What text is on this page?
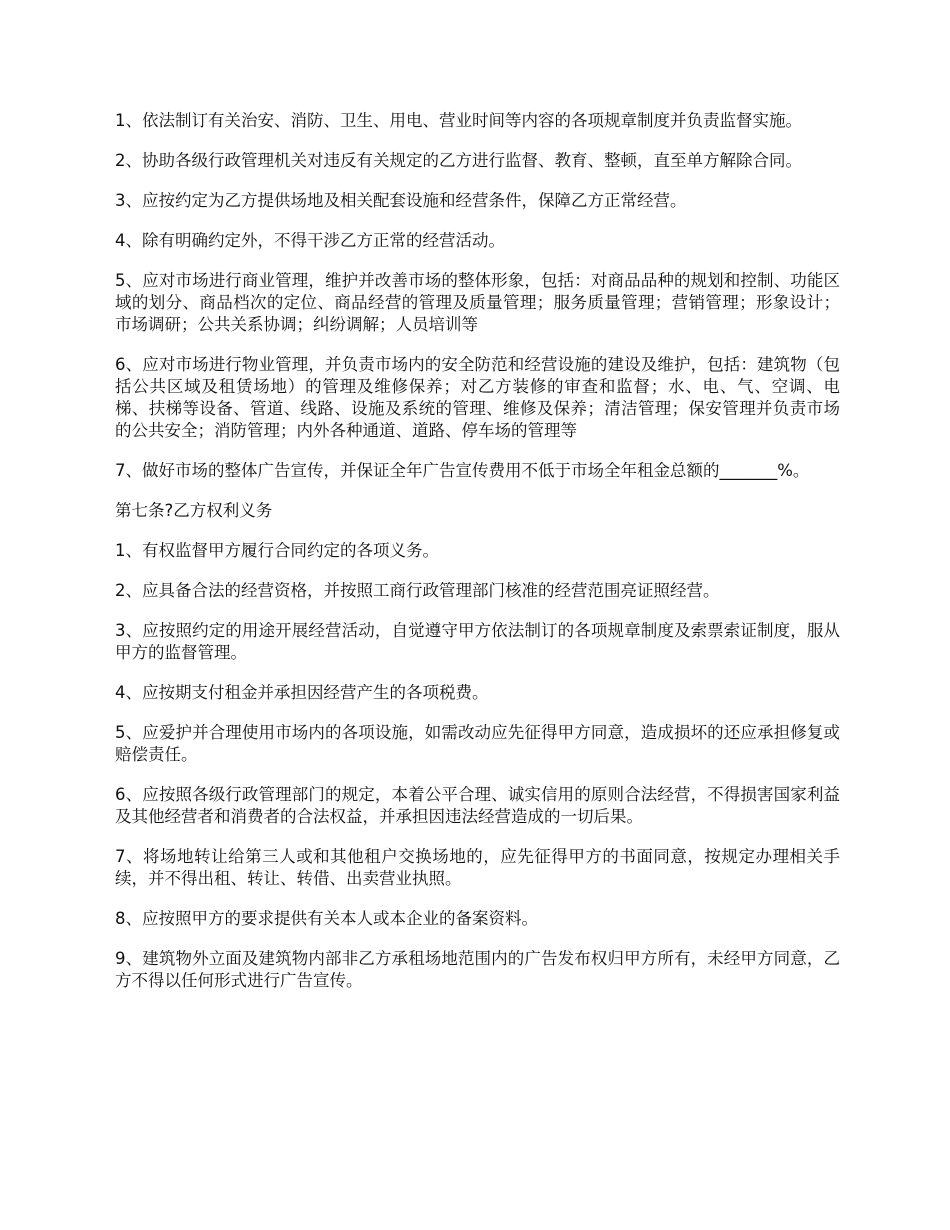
1、依法制订有关治安、消防、卫生、用电、营业时间等内容的各项规章制度并负责监督实施。

2、协助各级行政管理机关对违反有关规定的乙方进行监督、教育、整顿，直至单方解除合同。

3、应按约定为乙方提供场地及相关配套设施和经营条件，保障乙方正常经营。

4、除有明确约定外，不得干涉乙方正常的经营活动。

5、应对市场进行商业管理，维护并改善市场的整体形象，包括：对商品品种的规划和控制、功能区域的划分、商品档次的定位、商品经营的管理及质量管理；服务质量管理；营销管理；形象设计；市场调研；公共关系协调；纠纷调解；人员培训等

6、应对市场进行物业管理，并负责市场内的安全防范和经营设施的建设及维护，包括：建筑物（包括公共区域及租赁场地）的管理及维修保养；对乙方装修的审查和监督；水、电、气、空调、电梯、扶梯等设备、管道、线路、设施及系统的管理、维修及保养；清洁管理；保安管理并负责市场的公共安全；消防管理；内外各种通道、道路、停车场的管理等

7、做好市场的整体广告宣传，并保证全年广告宣传费用不低于市场全年租金总额的_______%。

第七条?乙方权利义务

1、有权监督甲方履行合同约定的各项义务。

2、应具备合法的经营资格，并按照工商行政管理部门核准的经营范围亮证照经营。

3、应按照约定的用途开展经营活动，自觉遵守甲方依法制订的各项规章制度及索票索证制度，服从甲方的监督管理。

4、应按期支付租金并承担因经营产生的各项税费。

5、应爱护并合理使用市场内的各项设施，如需改动应先征得甲方同意，造成损坏的还应承担修复或赔偿责任。

6、应按照各级行政管理部门的规定，本着公平合理、诚实信用的原则合法经营，不得损害国家利益及其他经营者和消费者的合法权益，并承担因违法经营造成的一切后果。

7、将场地转让给第三人或和其他租户交换场地的，应先征得甲方的书面同意，按规定办理相关手续，并不得出租、转让、转借、出卖营业执照。

8、应按照甲方的要求提供有关本人或本企业的备案资料。

9、建筑物外立面及建筑物内部非乙方承租场地范围内的广告发布权归甲方所有，未经甲方同意，乙方不得以任何形式进行广告宣传。
